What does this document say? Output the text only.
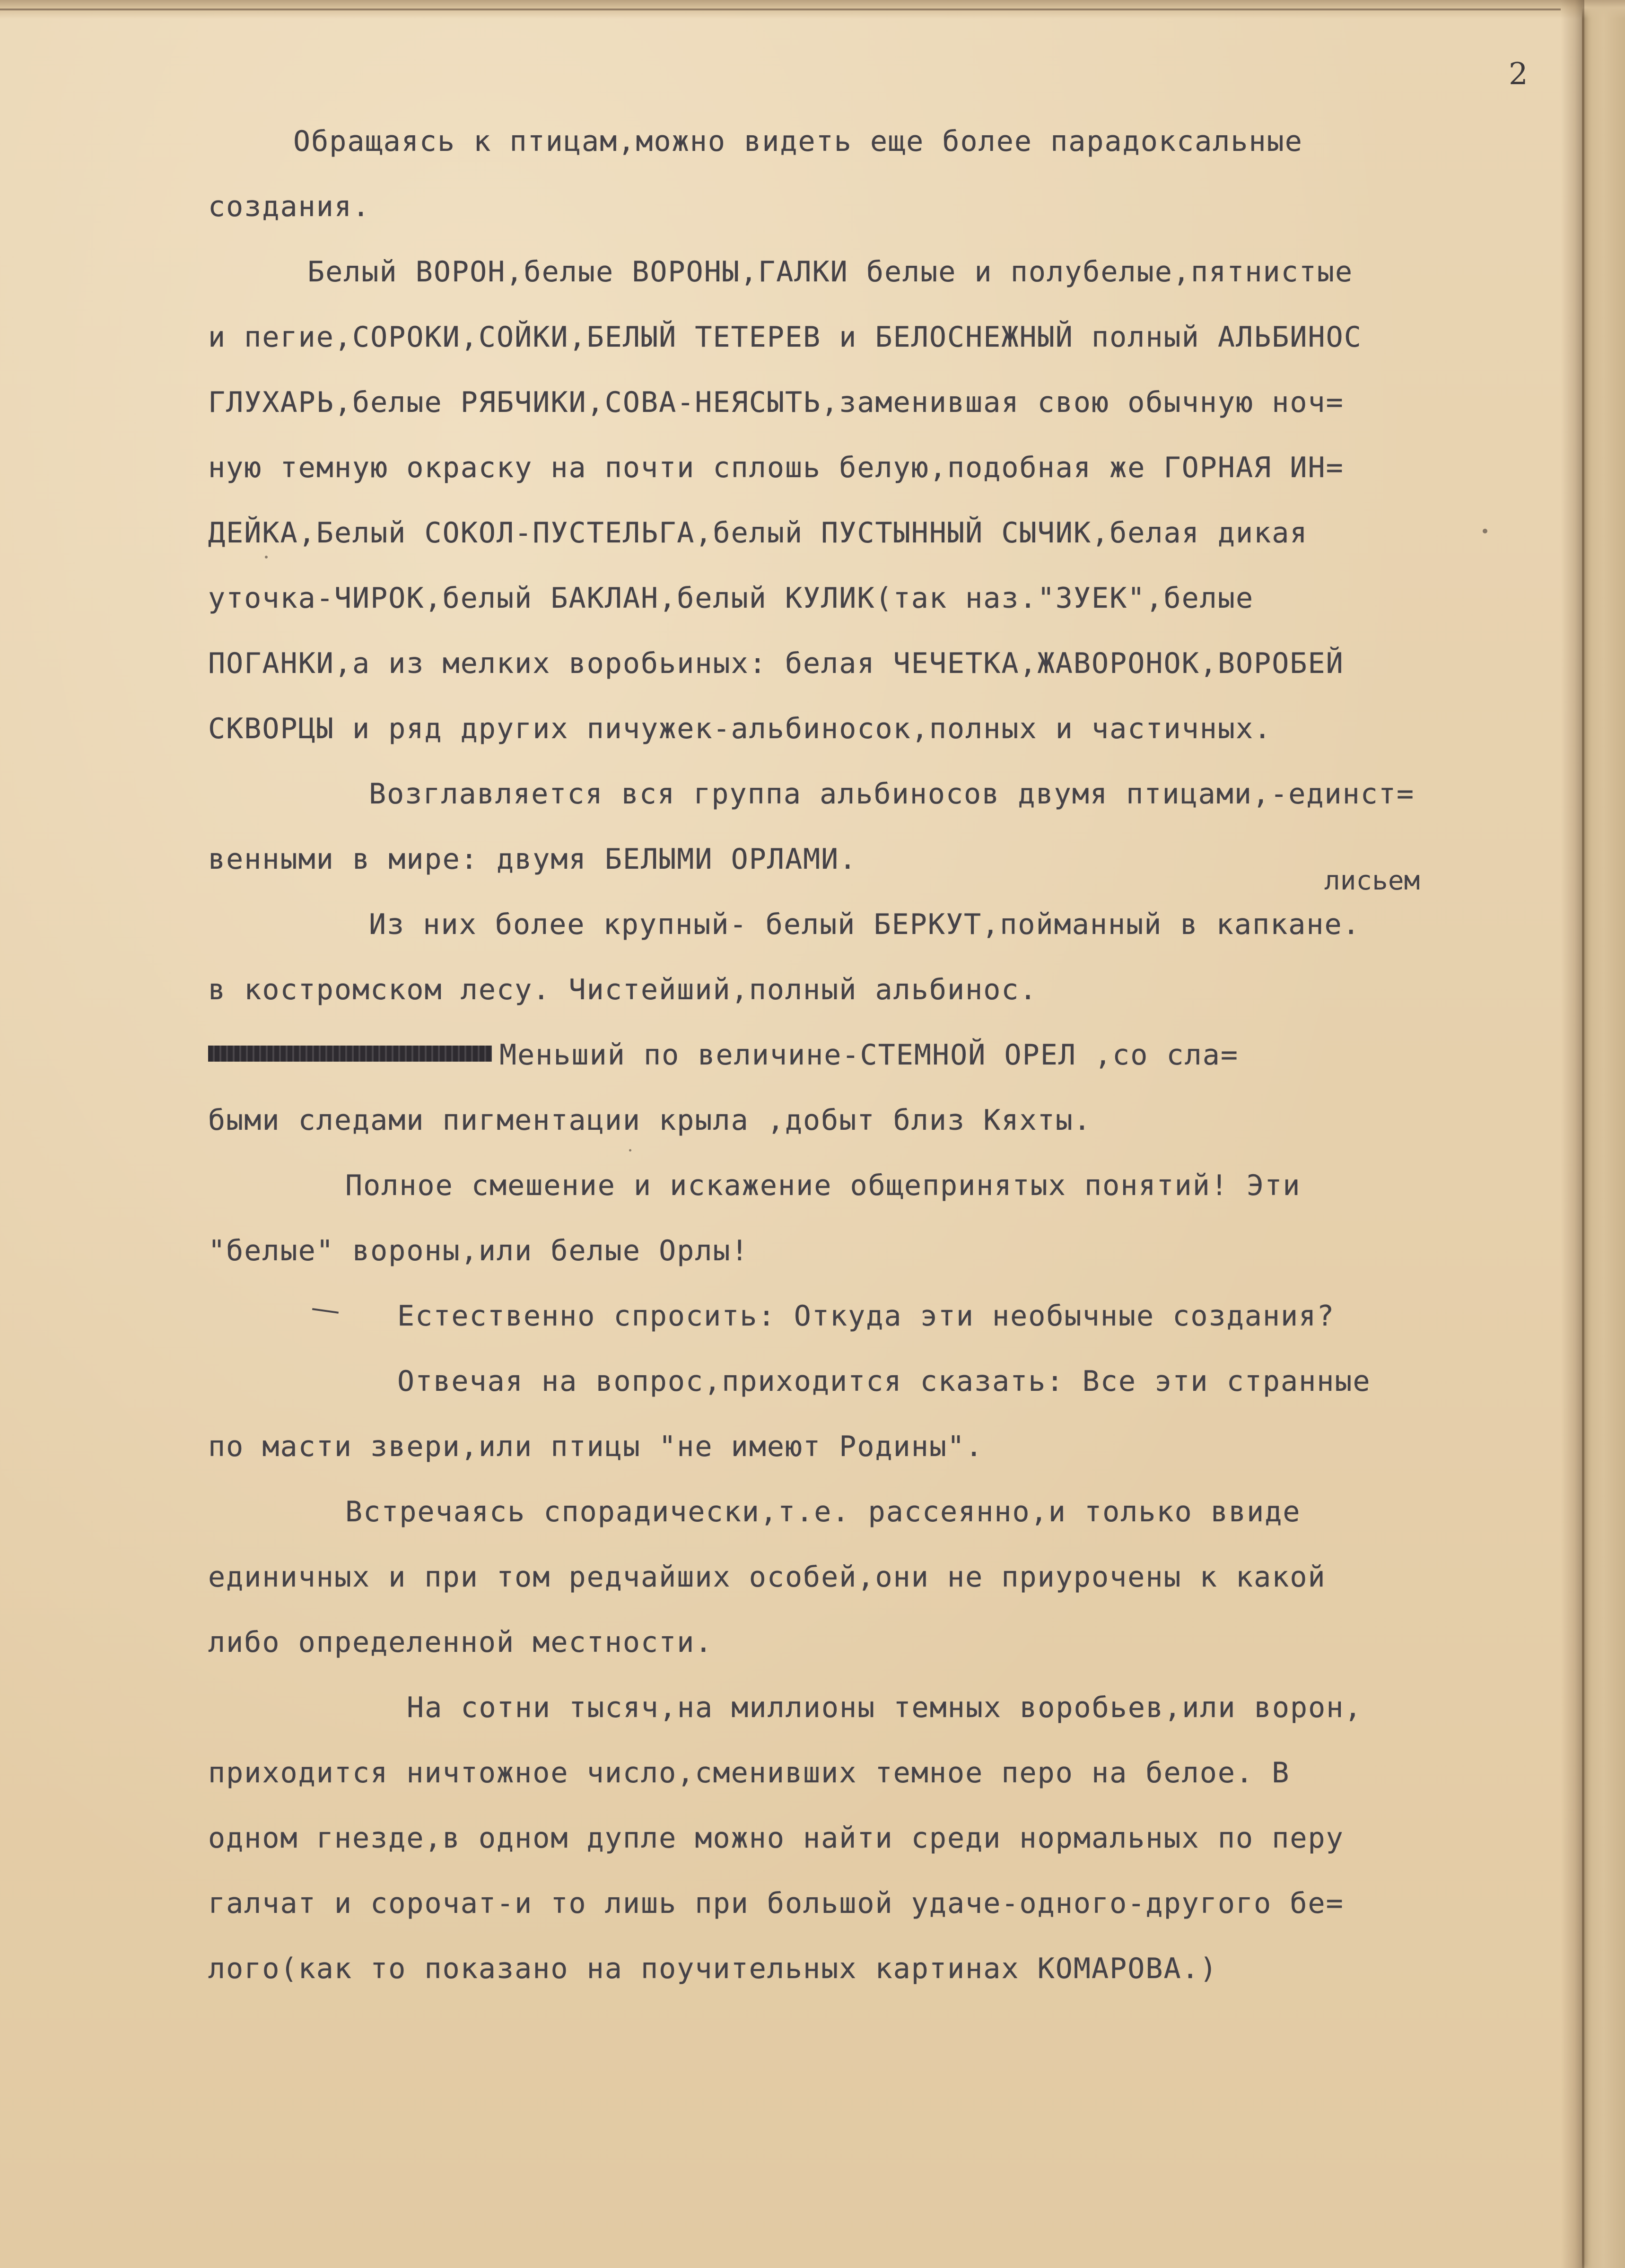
2

лисьем

Обращаясь к птицам,можно видеть еще более парадоксальные

создания.

Белый ВОРОН,белые ВОРОНЫ,ГАЛКИ белые и полубелые,пятнистые

и пегие,СОРОКИ,СОЙКИ,БЕЛЫЙ ТЕТЕРЕВ и БЕЛОСНЕЖНЫЙ полный АЛЬБИНОС

ГЛУХАРЬ,белые РЯБЧИКИ,СОВА-НЕЯСЫТЬ,заменившая свою обычную ноч=

ную темную окраску на почти сплошь белую,подобная же ГОРНАЯ ИН=

ДЕЙКА,Белый СОКОЛ-ПУСТЕЛЬГА,белый ПУСТЫННЫЙ СЫЧИК,белая дикая

уточка-ЧИРОК,белый БАКЛАН,белый КУЛИК(так наз."ЗУЕК",белые

ПОГАНКИ,а из мелких воробьиных: белая ЧЕЧЕТКА,ЖАВОРОНОК,ВОРОБЕЙ

СКВОРЦЫ и ряд других пичужек-альбиносок,полных и частичных.

Возглавляется вся группа альбиносов двумя птицами,-единст=

венными в мире: двумя БЕЛЫМИ ОРЛАМИ.

Из них более крупный- белый БЕРКУТ,пойманный в капкане.

в костромском лесу. Чистейший,полный альбинос.

Меньший по величине-СТЕМНОЙ ОРЕЛ ,со сла=

быми следами пигментации крыла ,добыт близ Кяхты.

Полное смешение и искажение общепринятых понятий! Эти

"белые" вороны,или белые Орлы!

Естественно спросить: Откуда эти необычные создания?

Отвечая на вопрос,приходится сказать: Все эти странные

по масти звери,или птицы "не имеют Родины".

Встречаясь спорадически,т.е. рассеянно,и только ввиде

единичных и при том редчайших особей,они не приурочены к какой

либо определенной местности.

На сотни тысяч,на миллионы темных воробьев,или ворон,

приходится ничтожное число,сменивших темное перо на белое. В

одном гнезде,в одном дупле можно найти среди нормальных по перу

галчат и сорочат-и то лишь при большой удаче-одного-другого бе=

лого(как то показано на поучительных картинах КОМАРОВА.)
